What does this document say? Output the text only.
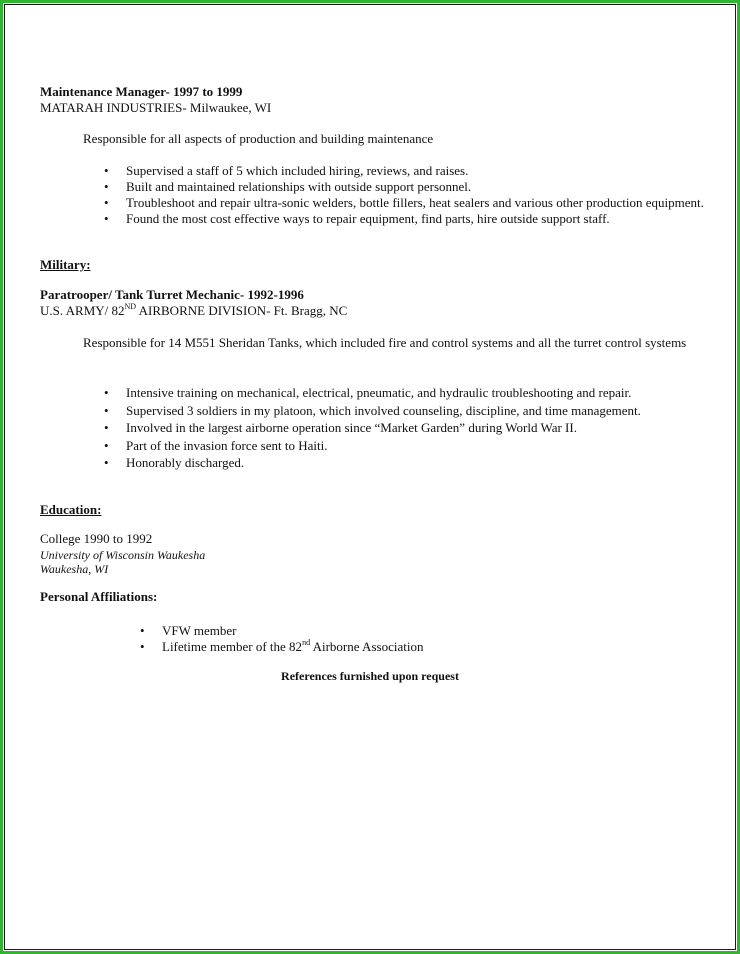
Maintenance Manager- 1997 to 1999
MATARAH INDUSTRIES- Milwaukee, WI
Responsible for all aspects of production and building maintenance
• Supervised a staff of 5 which included hiring, reviews, and raises.
• Built and maintained relationships with outside support personnel.
• Troubleshoot and repair ultra-sonic welders, bottle fillers, heat sealers and various other production equipment.
• Found the most cost effective ways to repair equipment, find parts, hire outside support staff.
Military:
Paratrooper/ Tank Turret Mechanic- 1992-1996
U.S. ARMY/ 82ND AIRBORNE DIVISION- Ft. Bragg, NC
Responsible for 14 M551 Sheridan Tanks, which included fire and control systems and all the turret control systems
• Intensive training on mechanical, electrical, pneumatic, and hydraulic troubleshooting and repair.
• Supervised 3 soldiers in my platoon, which involved counseling, discipline, and time management.
• Involved in the largest airborne operation since “Market Garden” during World War II.
• Part of the invasion force sent to Haiti.
• Honorably discharged.
Education:
College 1990 to 1992
University of Wisconsin Waukesha
Waukesha, WI
Personal Affiliations:
• VFW member
• Lifetime member of the 82nd Airborne Association
References furnished upon request
